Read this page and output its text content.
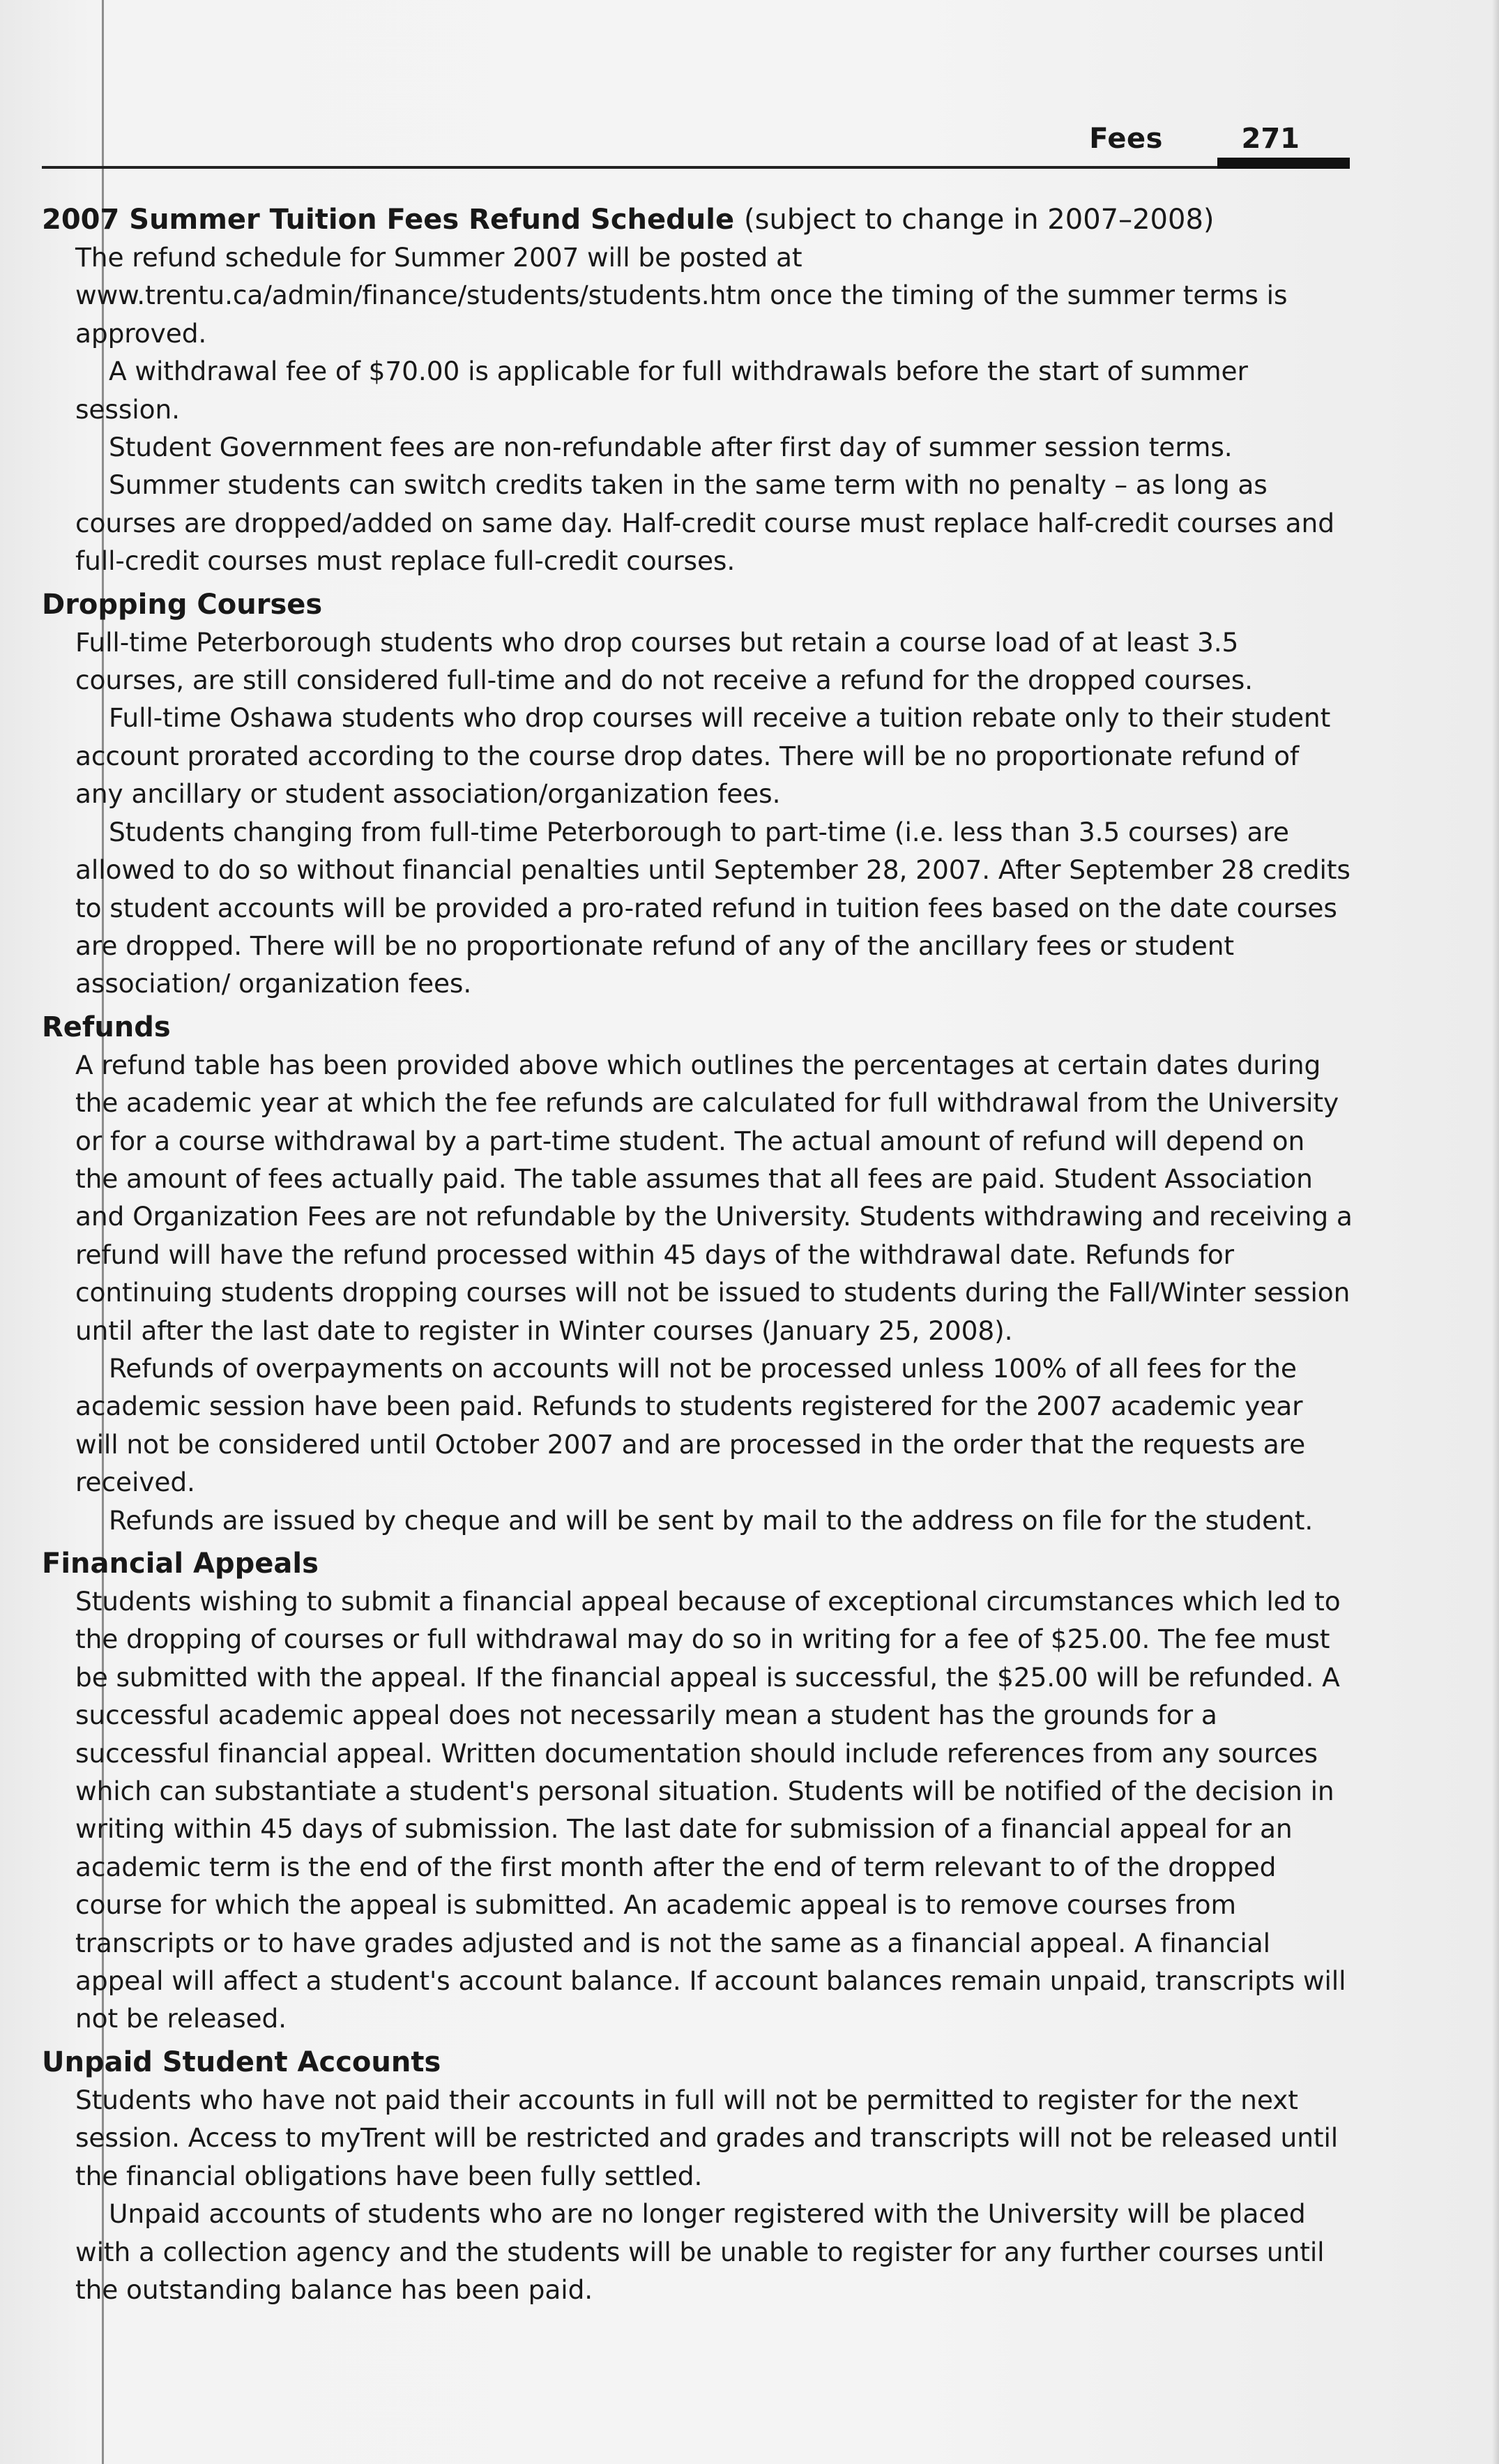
Fees	271

2007 Summer Tuition Fees Refund Schedule (subject to change in 2007–2008)

The refund schedule for Summer 2007 will be posted at www.trentu.ca/admin/finance/students/students.htm once the timing of the summer terms is approved.

A withdrawal fee of $70.00 is applicable for full withdrawals before the start of summer session.

Student Government fees are non-refundable after first day of summer session terms.

Summer students can switch credits taken in the same term with no penalty – as long as courses are dropped/added on same day. Half-credit course must replace half-credit courses and full-credit courses must replace full-credit courses.

Dropping Courses

Full-time Peterborough students who drop courses but retain a course load of at least 3.5 courses, are still considered full-time and do not receive a refund for the dropped courses.

Full-time Oshawa students who drop courses will receive a tuition rebate only to their student account prorated according to the course drop dates. There will be no proportionate refund of any ancillary or student association/organization fees.

Students changing from full-time Peterborough to part-time (i.e. less than 3.5 courses) are allowed to do so without financial penalties until September 28, 2007. After September 28 credits to student accounts will be provided a pro-rated refund in tuition fees based on the date courses are dropped. There will be no proportionate refund of any of the ancillary fees or student association/ organization fees.

Refunds

A refund table has been provided above which outlines the percentages at certain dates during the academic year at which the fee refunds are calculated for full withdrawal from the University or for a course withdrawal by a part-time student. The actual amount of refund will depend on the amount of fees actually paid. The table assumes that all fees are paid. Student Association and Organization Fees are not refundable by the University. Students withdrawing and receiving a refund will have the refund processed within 45 days of the withdrawal date. Refunds for continuing students dropping courses will not be issued to students during the Fall/Winter session until after the last date to register in Winter courses (January 25, 2008).

Refunds of overpayments on accounts will not be processed unless 100% of all fees for the academic session have been paid. Refunds to students registered for the 2007 academic year will not be considered until October 2007 and are processed in the order that the requests are received.

Refunds are issued by cheque and will be sent by mail to the address on file for the student.

Financial Appeals

Students wishing to submit a financial appeal because of exceptional circumstances which led to the dropping of courses or full withdrawal may do so in writing for a fee of $25.00. The fee must be submitted with the appeal. If the financial appeal is successful, the $25.00 will be refunded. A successful academic appeal does not necessarily mean a student has the grounds for a successful financial appeal. Written documentation should include references from any sources which can substantiate a student's personal situation. Students will be notified of the decision in writing within 45 days of submission. The last date for submission of a financial appeal for an academic term is the end of the first month after the end of term relevant to of the dropped course for which the appeal is submitted. An academic appeal is to remove courses from transcripts or to have grades adjusted and is not the same as a financial appeal. A financial appeal will affect a student's account balance. If account balances remain unpaid, transcripts will not be released.

Unpaid Student Accounts

Students who have not paid their accounts in full will not be permitted to register for the next session. Access to myTrent will be restricted and grades and transcripts will not be released until the financial obligations have been fully settled.

Unpaid accounts of students who are no longer registered with the University will be placed with a collection agency and the students will be unable to register for any further courses until the outstanding balance has been paid.
